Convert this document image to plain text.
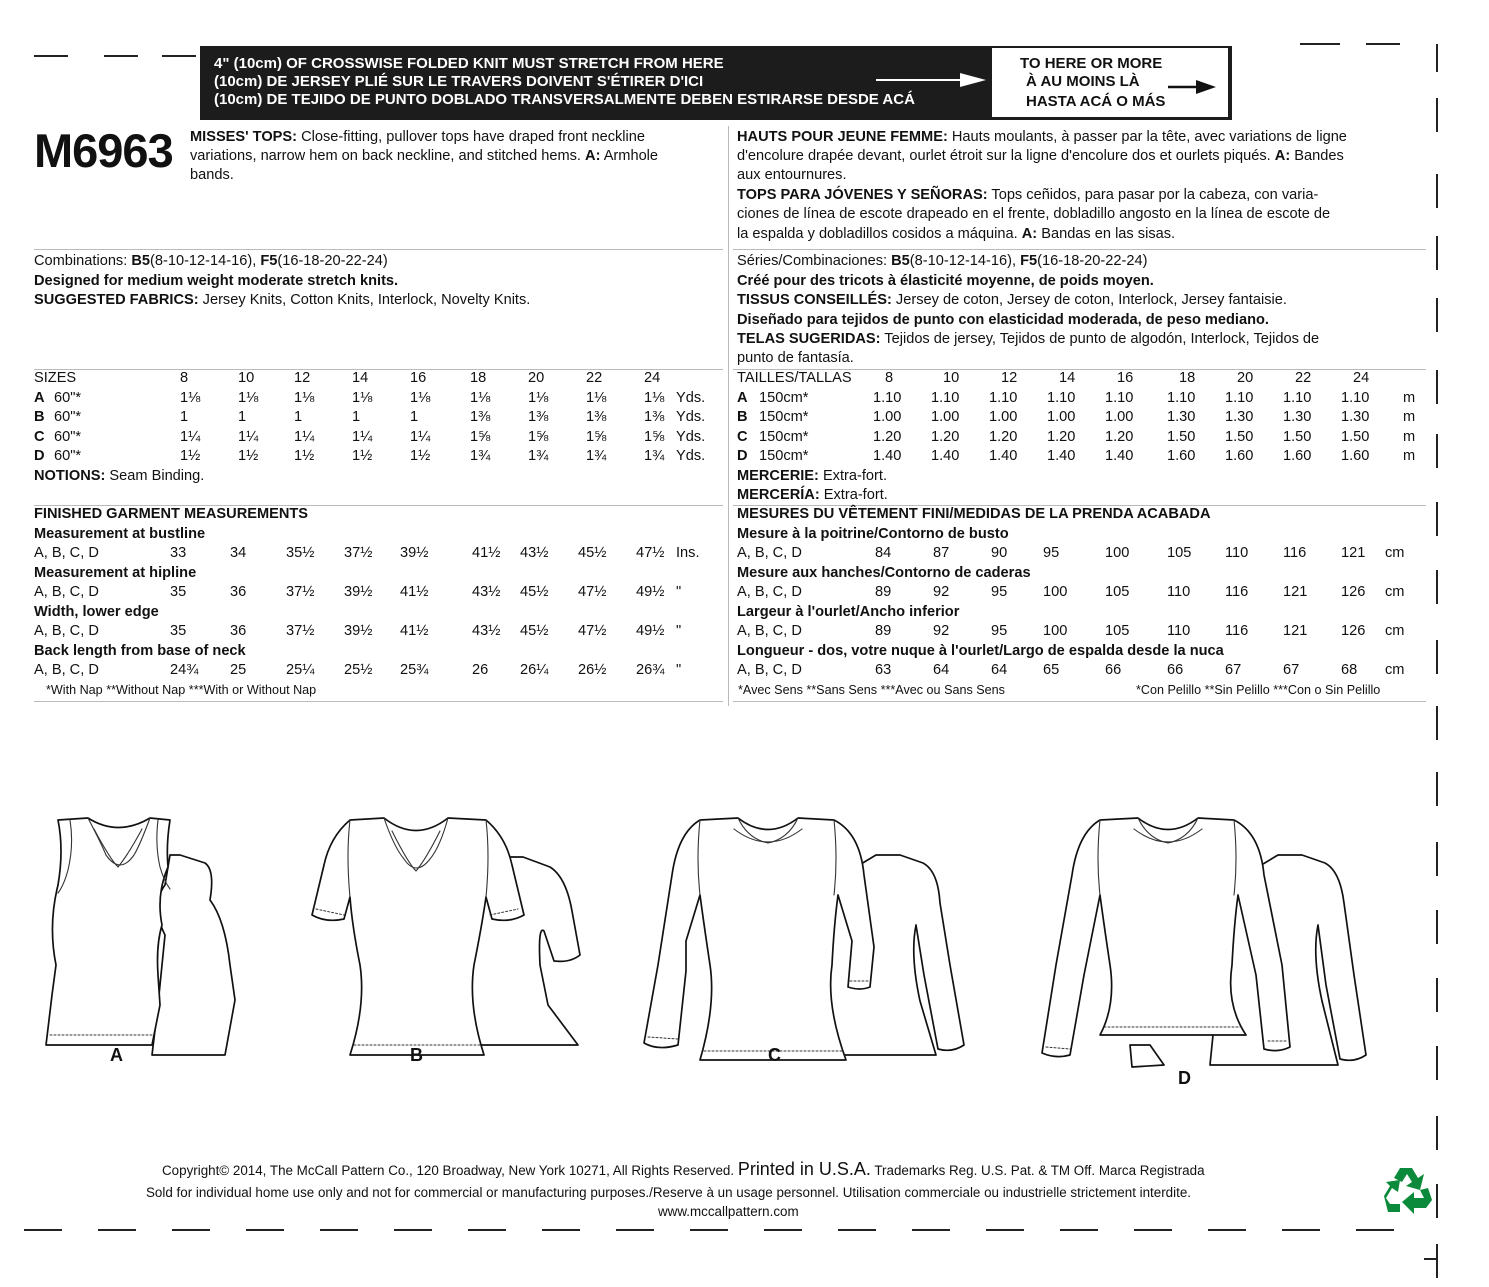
4" (10cm) OF CROSSWISE FOLDED KNIT MUST STRETCH FROM HERE
(10cm) DE JERSEY PLIÉ SUR LE TRAVERS DOIVENT S'ÉTIRER D'ICI
(10cm) DE TEJIDO DE PUNTO DOBLADO TRANSVERSALMENTE DEBEN ESTIRARSE DESDE ACÁ
TO HERE OR MORE
À AU MOINS LÀ
HASTA ACÁ O MÁS
M6963 MISSES' TOPS: Close-fitting, pullover tops have draped front neckline
variations, narrow hem on back neckline, and stitched hems. A: Armhole
bands.
HAUTS POUR JEUNE FEMME: Hauts moulants, à passer par la tête, avec variations de ligne
d'encolure drapée devant, ourlet étroit sur la ligne d'encolure dos et ourlets piqués. A: Bandes
aux entournures.
TOPS PARA JÓVENES Y SEÑORAS: Tops ceñidos, para pasar por la cabeza, con varia-
ciones de línea de escote drapeado en el frente, dobladillo angosto en la línea de escote de
la espalda y dobladillos cosidos a máquina. A: Bandas en las sisas.
Combinations: B5(8-10-12-14-16), F5(16-18-20-22-24)
Designed for medium weight moderate stretch knits.
SUGGESTED FABRICS: Jersey Knits, Cotton Knits, Interlock, Novelty Knits.
Séries/Combinaciones: B5(8-10-12-14-16), F5(16-18-20-22-24)
Créé pour des tricots à élasticité moyenne, de poids moyen.
TISSUS CONSEILLÉS: Jersey de coton, Jersey de coton, Interlock, Jersey fantaisie.
Diseñado para tejidos de punto con elasticidad moderada, de peso mediano.
TELAS SUGERIDAS: Tejidos de jersey, Tejidos de punto de algodón, Interlock, Tejidos de
punto de fantasía.
SIZES	8	10	12	14	16	18	20	22	24
A 60"*	1⅛	1⅛ 1⅛	1⅛	1⅛	1⅛	1⅛	1⅛	1⅛ Yds.
B 60"*	1	1	1	1	1	1⅜	1⅜	1⅜	1⅜ Yds.
C 60"*	1¼	1¼ 1¼	1¼	1¼	1⅝	1⅝	1⅝	1⅝ Yds.
D 60"*	1½	1½ 1½	1½	1½	1¾	1¾	1¾	1¾ Yds.
TAILLES/TALLAS 8	10	12	14	16	18	20	22	24
A 150cm*	1.10 1.10 1.10 1.10 1.10 1.10 1.10 1.10 1.10 m
B 150cm*	1.00 1.00 1.00 1.00 1.00 1.30 1.30 1.30 1.30 m
C 150cm*	1.20 1.20 1.20 1.20 1.20 1.50 1.50 1.50 1.50 m
D 150cm*	1.40 1.40 1.40 1.40 1.40 1.60 1.60 1.60 1.60 m
NOTIONS: Seam Binding.	MERCERIE: Extra-fort.
MERCERÍA: Extra-fort.
FINISHED GARMENT MEASUREMENTS
Measurement at bustline
A, B, C, D	33	34	35½ 37½ 39½	41½ 43½ 45½ 47½ Ins.
Measurement at hipline
A, B, C, D	35	36	37½ 39½ 41½	43½ 45½ 47½ 49½ "
Width, lower edge
A, B, C, D	35	36	37½ 39½ 41½	43½ 45½ 47½ 49½ "
Back length from base of neck
A, B, C, D	24¾ 25	25¼ 25½ 25¾	26 26¼ 26½ 26¾ "
MESURES DU VÊTEMENT FINI/MEDIDAS DE LA PRENDA ACABADA
Mesure à la poitrine/Contorno de busto
A, B, C, D	84	87	90 95	100	105 110 116 121 cm
Mesure aux hanches/Contorno de caderas
A, B, C, D	89	92	95 100	105	110 116 121 126 cm
Largeur à l'ourlet/Ancho inferior
A, B, C, D	89	92	95 100	105	110 116 121 126 cm
Longueur - dos, votre nuque à l'ourlet/Largo de espalda desde la nuca
A, B, C, D	63	64	64 65	66	66	67	67	68 cm
A	B	C
D
Copyright© 2014, The McCall Pattern Co., 120 Broadway, New York 10271, All Rights Reserved. Printed in U.S.A. Trademarks Reg. U.S. Pat. & TM Off. Marca Registrada
Sold for individual home use only and not for commercial or manufacturing purposes./Reserve à un usage personnel. Utilisation commerciale ou industrielle strictement interdite.
www.mccallpattern.com
*With Nap **Without Nap ***With or Without Nap	*Avec Sens **Sans Sens ***Avec ou Sans Sens	*Con Pelillo **Sin Pelillo ***Con o Sin Pelillo
